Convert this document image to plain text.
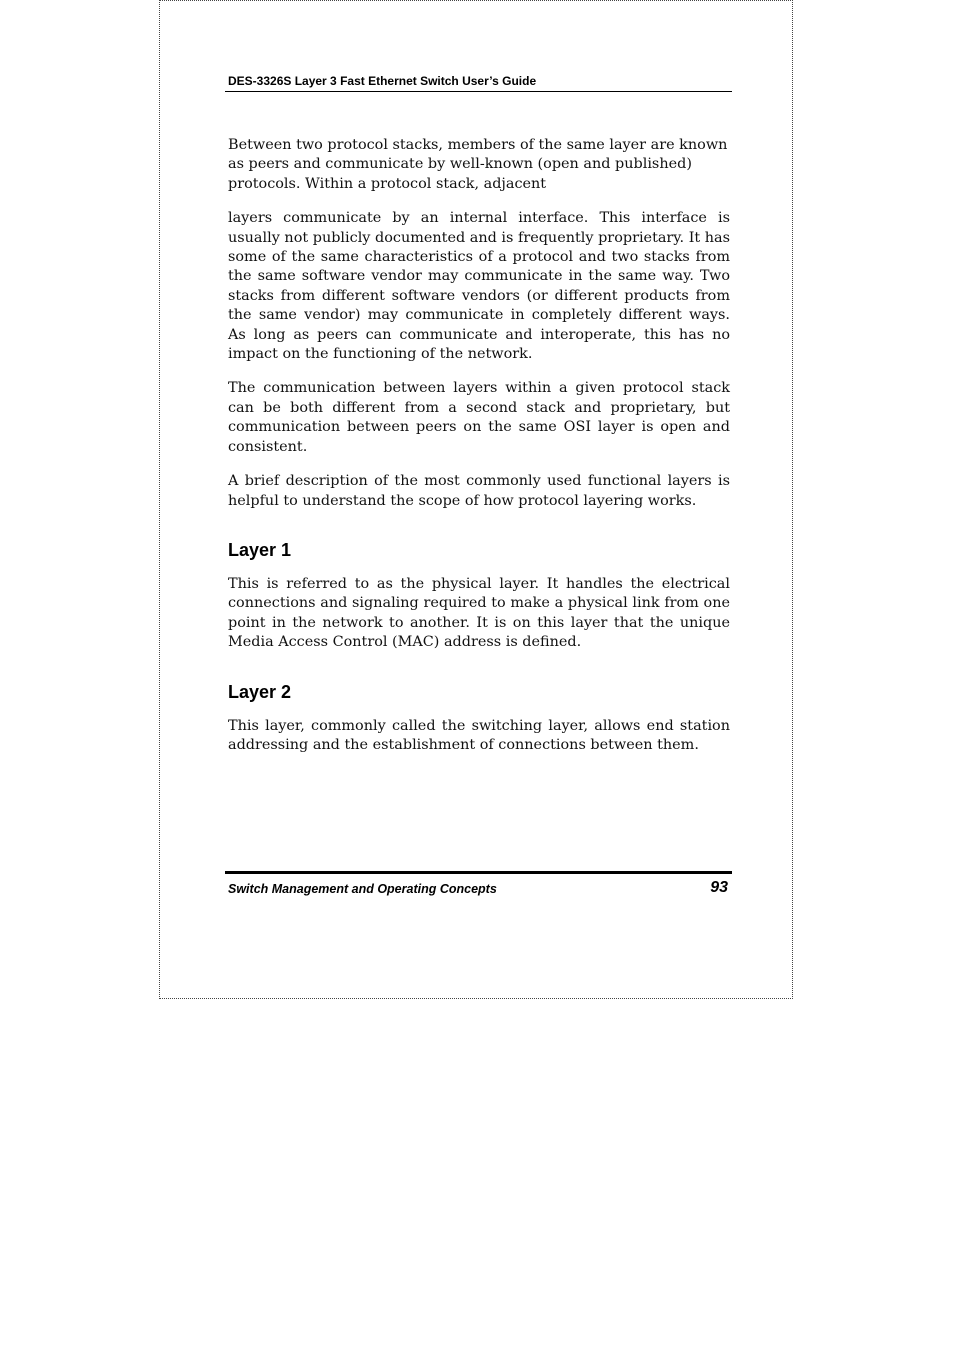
DES-3326S Layer 3 Fast Ethernet Switch User’s Guide

Between two protocol stacks, members of the same layer are known as peers and communicate by well-known (open and published) protocols. Within a protocol stack, adjacent

layers communicate by an internal interface. This interface is usually not publicly documented and is frequently proprietary. It has some of the same characteristics of a protocol and two stacks from the same software vendor may communicate in the same way. Two stacks from different software vendors (or different products from the same vendor) may communicate in completely different ways. As long as peers can communicate and interoperate, this has no impact on the functioning of the network.

The communication between layers within a given protocol stack can be both different from a second stack and proprietary, but communication between peers on the same OSI layer is open and consistent.

A brief description of the most commonly used functional layers is helpful to understand the scope of how protocol layering works.

Layer 1

This is referred to as the physical layer. It handles the electrical connections and signaling required to make a physical link from one point in the network to another. It is on this layer that the unique Media Access Control (MAC) address is defined.

Layer 2

This layer, commonly called the switching layer, allows end station addressing and the establishment of connections between them.

Switch Management and Operating Concepts	93
